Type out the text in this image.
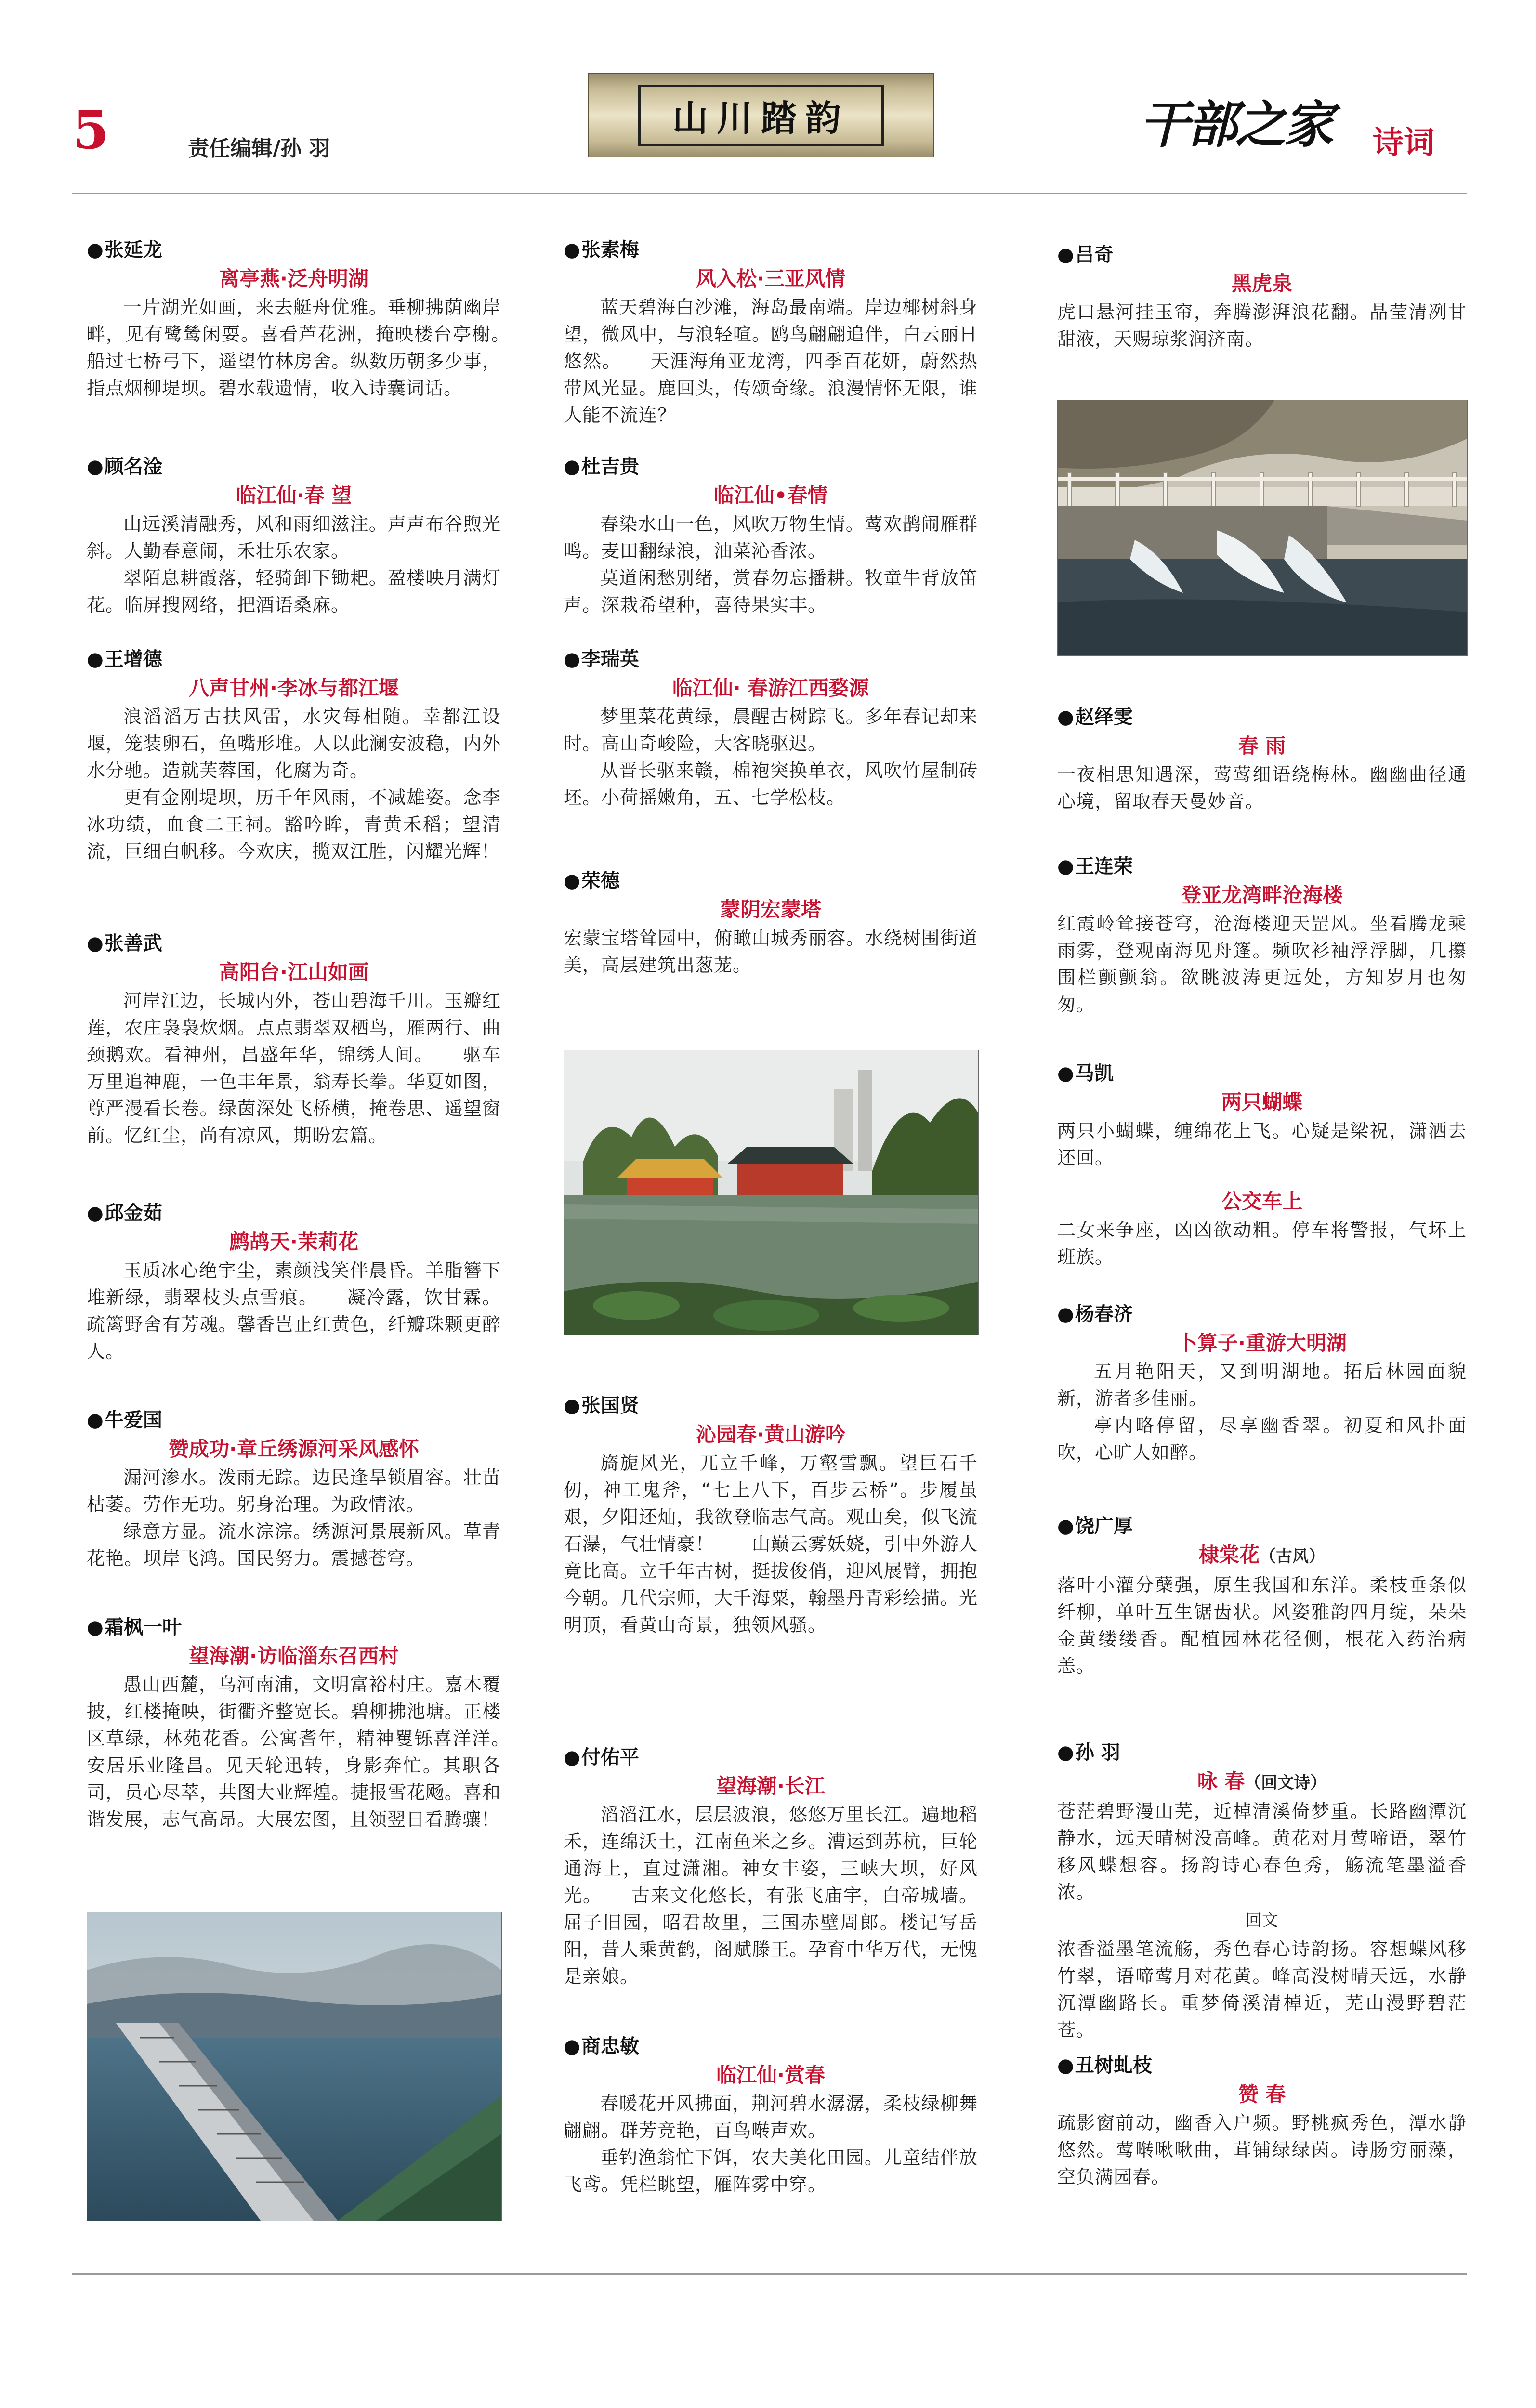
5	责任编辑/孙 羽
山川踏韵	干部之家 诗词
● 张延龙
离亭燕·泛舟明湖
一片湖光如画，来去艇舟优雅。垂柳拂荫幽岸畔，见有鹭鸶闲耍。喜看芦花洲，掩映楼台亭榭。　　船过七桥弓下，遥望竹林房舍。纵数历朝多少事，指点烟柳堤坝。碧水载遗情，收入诗囊词话。
● 顾名淦
临江仙·春 望
山远溪清融秀，风和雨细滋注。声声布谷煦光斜。人勤春意闹，禾壮乐农家。
翠陌息耕霞落，轻骑卸下锄耙。盈楼映月满灯花。临屏搜网络，把酒语桑麻。
● 王增德
八声甘州·李冰与都江堰
浪滔滔万古扶风雷，水灾每相随。幸都江设堰，笼装卵石，鱼嘴形堆。人以此澜安波稳，内外水分驰。造就芙蓉国，化腐为奇。
更有金刚堤坝，历千年风雨，不减雄姿。念李冰功绩，血食二王祠。豁吟眸，青黄禾稻；望清流，巨细白帆移。今欢庆，揽双江胜，闪耀光辉！
● 张善武
高阳台·江山如画
河岸江边，长城内外，苍山碧海千川。玉瓣红莲，农庄袅袅炊烟。点点翡翠双栖鸟，雁两行、曲颈鹅欢。看神州，昌盛年华，锦绣人间。　　驱车万里追神鹿，一色丰年景，翁寿长拳。华夏如图，尊严漫看长卷。绿茵深处飞桥横，掩卷思、遥望窗前。忆红尘，尚有凉风，期盼宏篇。
● 邱金茹
鹧鸪天·茉莉花
玉质冰心绝宇尘，素颜浅笑伴晨昏。羊脂簪下堆新绿，翡翠枝头点雪痕。　　凝冷露，饮甘霖。疏篱野舍有芳魂。馨香岂止红黄色，纤瓣珠颗更醉人。
● 牛爱国
赞成功·章丘绣源河采风感怀
漏河渗水。泼雨无踪。边民逢旱锁眉容。壮苗枯萎。劳作无功。躬身治理。为政情浓。
绿意方显。流水淙淙。绣源河景展新风。草青花艳。坝岸飞鸿。国民努力。震撼苍穹。
● 霜枫一叶
望海潮·访临淄东召西村
愚山西麓，乌河南浦，文明富裕村庄。嘉木覆披，红楼掩映，街衢齐整宽长。碧柳拂池塘。正楼区草绿，林苑花香。公寓耆年，精神矍铄喜洋洋。　　安居乐业隆昌。见天轮迅转，身影奔忙。其职各司，员心尽萃，共图大业辉煌。捷报雪花飏。喜和谐发展，志气高昂。大展宏图，且领翌日看腾骧！
● 张素梅
风入松·三亚风情
蓝天碧海白沙滩，海岛最南端。岸边椰树斜身望，微风中，与浪轻喧。鸥鸟翩翩追伴，白云丽日悠然。　　天涯海角亚龙湾，四季百花妍，蔚然热带风光显。鹿回头，传颂奇缘。浪漫情怀无限，谁人能不流连？
● 杜吉贵
临江仙•春情
春染水山一色，风吹万物生情。莺欢鹊闹雁群鸣。麦田翻绿浪，油菜沁香浓。
莫道闲愁别绪，赏春勿忘播耕。牧童牛背放笛声。深栽希望种，喜待果实丰。
● 李瑞英
临江仙· 春游江西婺源
梦里菜花黄绿，晨醒古树踪飞。多年春记却来时。高山奇峻险，大客晓驱迟。
从晋长驱来赣，棉袍突换单衣，风吹竹屋制砖坯。小荷摇嫩角，五、七学松枝。
● 荣德
蒙阴宏蒙塔
宏蒙宝塔耸园中，俯瞰山城秀丽容。水绕树围街道美，高层建筑出葱茏。
● 张国贤
沁园春·黄山游吟
旖旎风光，兀立千峰，万壑雪飘。望巨石千仞，神工鬼斧，“七上八下，百步云桥”。步履虽艰，夕阳还灿，我欲登临志气高。观山矣，似飞流石瀑，气壮情豪！　　山巅云雾妖娆，引中外游人竟比高。立千年古树，挺拔俊俏，迎风展臂，拥抱今朝。几代宗师，大千海粟，翰墨丹青彩绘描。光明顶，看黄山奇景，独领风骚。
● 付佑平
望海潮·长江
滔滔江水，层层波浪，悠悠万里长江。遍地稻禾，连绵沃土，江南鱼米之乡。漕运到苏杭，巨轮通海上，直过潇湘。神女丰姿，三峡大坝，好风光。　　古来文化悠长，有张飞庙宇，白帝城墙。屈子旧园，昭君故里，三国赤壁周郎。楼记写岳阳，昔人乘黄鹤，阁赋滕王。孕育中华万代，无愧是亲娘。
● 商忠敏
临江仙·赏春
春暖花开风拂面，荆河碧水潺潺，柔枝绿柳舞翩翩。群芳竞艳，百鸟啭声欢。
垂钓渔翁忙下饵，农夫美化田园。儿童结伴放飞鸢。凭栏眺望，雁阵雾中穿。
● 吕奇
黑虎泉
虎口悬河挂玉帘，奔腾澎湃浪花翻。晶莹清冽甘甜液，天赐琼浆润济南。
● 赵绎雯
春 雨
一夜相思知遇深，莺莺细语绕梅林。幽幽曲径通心境，留取春天曼妙音。
● 王连荣
登亚龙湾畔沧海楼
红霞岭耸接苍穹，沧海楼迎天罡风。坐看腾龙乘雨雾，登观南海见舟篷。频吹衫袖浮浮脚，几攥围栏颤颤翁。欲眺波涛更远处，方知岁月也匆匆。
● 马凯
两只蝴蝶
两只小蝴蝶，缠绵花上飞。心疑是梁祝，潇洒去还回。
公交车上
二女来争座，凶凶欲动粗。停车将警报，气坏上班族。
● 杨春济
卜算子·重游大明湖
五月艳阳天，又到明湖地。拓后林园面貌新，游者多佳丽。
亭内略停留，尽享幽香翠。初夏和风扑面吹，心旷人如醉。
● 饶广厚
棣棠花（古风）
落叶小灌分蘖强，原生我国和东洋。柔枝垂条似纤柳，单叶互生锯齿状。风姿雅韵四月绽，朵朵金黄缕缕香。配植园林花径侧，根花入药治病恙。
● 孙 羽
咏 春（回文诗）
苍茫碧野漫山芜，近棹清溪倚梦重。长路幽潭沉静水，远天晴树没高峰。黄花对月莺啼语，翠竹移风蝶想容。扬韵诗心春色秀，觞流笔墨溢香浓。
回文
浓香溢墨笔流觞，秀色春心诗韵扬。容想蝶风移竹翠，语啼莺月对花黄。峰高没树晴天远，水静沉潭幽路长。重梦倚溪清棹近，芜山漫野碧茫苍。
● 丑树虬枝
赞 春
疏影窗前动，幽香入户频。野桃疯秀色，潭水静悠然。莺啭啾啾曲，茸铺绿绿茵。诗肠穷丽藻，空负满园春。
